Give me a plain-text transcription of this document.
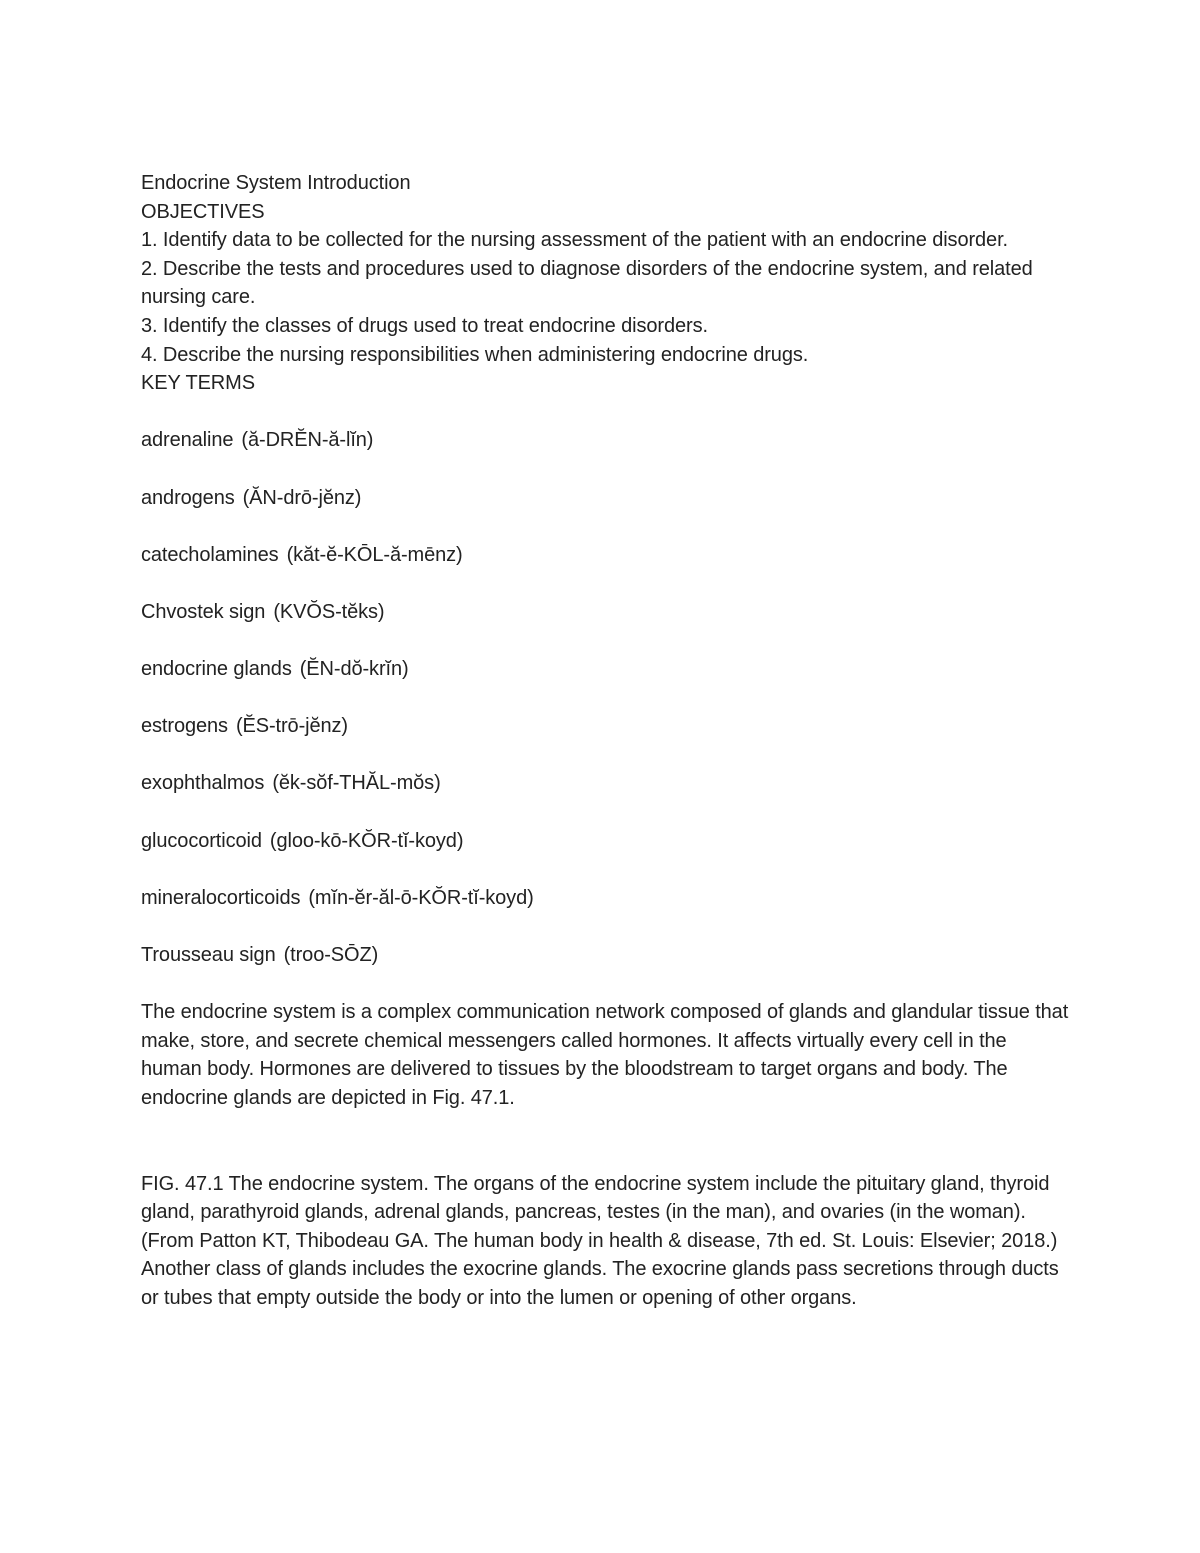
Endocrine System Introduction
OBJECTIVES
1. Identify data to be collected for the nursing assessment of the patient with an endocrine disorder.
2. Describe the tests and procedures used to diagnose disorders of the endocrine system, and related nursing care.
3. Identify the classes of drugs used to treat endocrine disorders.
4. Describe the nursing responsibilities when administering endocrine drugs.
KEY TERMS
adrenaline (ă-DRĔN-ă-lĭn)
androgens (ĂN-drō-jĕnz)
catecholamines (kăt-ĕ-KŌL-ă-mēnz)
Chvostek sign (KVŎS-tĕks)
endocrine glands (ĔN-dŏ-krĭn)
estrogens (ĔS-trō-jĕnz)
exophthalmos (ĕk-sŏf-THĂL-mŏs)
glucocorticoid (gloo-kō-KŎR-tĭ-koyd)
mineralocorticoids (mĭn-ĕr-ăl-ō-KŎR-tĭ-koyd)
Trousseau sign (troo-SŌZ)

The endocrine system is a complex communication network composed of glands and glandular tissue that make, store, and secrete chemical messengers called hormones. It affects virtually every cell in the human body. Hormones are delivered to tissues by the bloodstream to target organs and body. The endocrine glands are depicted in Fig. 47.1.

FIG. 47.1 The endocrine system. The organs of the endocrine system include the pituitary gland, thyroid gland, parathyroid glands, adrenal glands, pancreas, testes (in the man), and ovaries (in the woman). (From Patton KT, Thibodeau GA. The human body in health & disease, 7th ed. St. Louis: Elsevier; 2018.)

Another class of glands includes the exocrine glands. The exocrine glands pass secretions through ducts or tubes that empty outside the body or into the lumen or opening of other organs.
